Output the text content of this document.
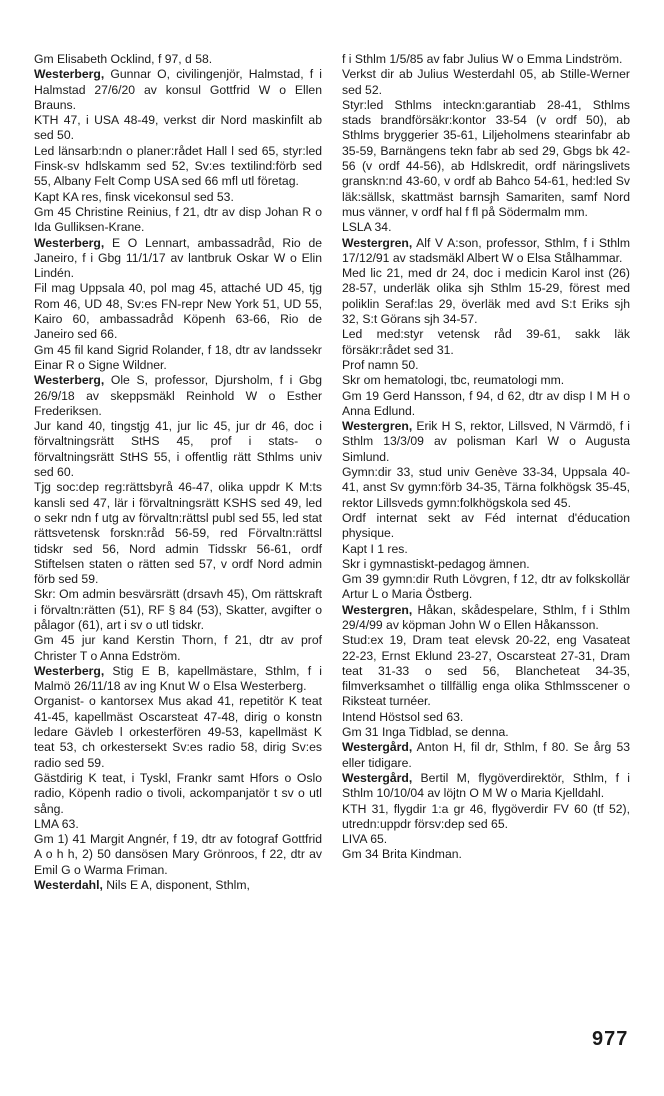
Gm Elisabeth Ocklind, f 97, d 58.

Westerberg, Gunnar O, civilingenjör, Halmstad, f i Halmstad 27/6/20 av konsul Gottfrid W o Ellen Brauns.

KTH 47, i USA 48-49, verkst dir Nord maskinfilt ab sed 50.

Led länsarb:ndn o planer:rådet Hall l sed 65, styr:led Finsk-sv hdlskamm sed 52, Sv:es textilind:förb sed 55, Albany Felt Comp USA sed 66 mfl utl företag.

Kapt KA res, finsk vicekonsul sed 53.

Gm 45 Christine Reinius, f 21, dtr av disp Johan R o Ida Gulliksen-Krane.

Westerberg, E O Lennart, ambassadråd, Rio de Janeiro, f i Gbg 11/1/17 av lantbruk Oskar W o Elin Lindén.

Fil mag Uppsala 40, pol mag 45, attaché UD 45, tjg Rom 46, UD 48, Sv:es FN-repr New York 51, UD 55, Kairo 60, ambassadråd Köpenh 63-66, Rio de Janeiro sed 66.

Gm 45 fil kand Sigrid Rolander, f 18, dtr av landssekr Einar R o Signe Wildner.

Westerberg, Ole S, professor, Djursholm, f i Gbg 26/9/18 av skeppsmäkl Reinhold W o Esther Frederiksen.

Jur kand 40, tingstjg 41, jur lic 45, jur dr 46, doc i förvaltningsrätt StHS 45, prof i stats- o förvaltningsrätt StHS 55, i offentlig rätt Sthlms univ sed 60.

Tjg soc:dep reg:rättsbyrå 46-47, olika uppdr K M:ts kansli sed 47, lär i förvaltningsrätt KSHS sed 49, led o sekr ndn f utg av förvaltn:rättsl publ sed 55, led stat rättsvetensk forskn:råd 56-59, red Förvaltn:rättsl tidskr sed 56, Nord admin Tidsskr 56-61, ordf Stiftelsen staten o rätten sed 57, v ordf Nord admin förb sed 59.

Skr: Om admin besvärsrätt (drsavh 45), Om rättskraft i förvaltn:rätten (51), RF § 84 (53), Skatter, avgifter o pålagor (61), art i sv o utl tidskr.

Gm 45 jur kand Kerstin Thorn, f 21, dtr av prof Christer T o Anna Edström.

Westerberg, Stig E B, kapellmästare, Sthlm, f i Malmö 26/11/18 av ing Knut W o Elsa Westerberg.

Organist- o kantorsex Mus akad 41, repetitör K teat 41-45, kapellmäst Oscarsteat 47-48, dirig o konstn ledare Gävleb l orkesterfören 49-53, kapellmäst K teat 53, ch orkestersekt Sv:es radio 58, dirig Sv:es radio sed 59.

Gästdirig K teat, i Tyskl, Frankr samt Hfors o Oslo radio, Köpenh radio o tivoli, ackompanjatör t sv o utl sång.

LMA 63.

Gm 1) 41 Margit Angnér, f 19, dtr av fotograf Gottfrid A o h h, 2) 50 dansösen Mary Grönroos, f 22, dtr av Emil G o Warma Friman.

Westerdahl, Nils E A, disponent, Sthlm,

f i Sthlm 1/5/85 av fabr Julius W o Emma Lindström.

Verkst dir ab Julius Westerdahl 05, ab Stille-Werner sed 52.

Styr:led Sthlms inteckn:garantiab 28-41, Sthlms stads brandförsäkr:kontor 33-54 (v ordf 50), ab Sthlms bryggerier 35-61, Liljeholmens stearinfabr ab 35-59, Barnängens tekn fabr ab sed 29, Gbgs bk 42-56 (v ordf 44-56), ab Hdlskredit, ordf näringslivets granskn:nd 43-60, v ordf ab Bahco 54-61, hed:led Sv läk:sällsk, skattmäst barnsjh Samariten, samf Nord mus vänner, v ordf hal f fl på Södermalm mm.

LSLA 34.

Westergren, Alf V A:son, professor, Sthlm, f i Sthlm 17/12/91 av stadsmäkl Albert W o Elsa Stålhammar.

Med lic 21, med dr 24, doc i medicin Karol inst (26) 28-57, underläk olika sjh Sthlm 15-29, förest med poliklin Seraf:las 29, överläk med avd S:t Eriks sjh 32, S:t Görans sjh 34-57.

Led med:styr vetensk råd 39-61, sakk läk försäkr:rådet sed 31.

Prof namn 50.

Skr om hematologi, tbc, reumatologi mm.

Gm 19 Gerd Hansson, f 94, d 62, dtr av disp I M H o Anna Edlund.

Westergren, Erik H S, rektor, Lillsved, N Värmdö, f i Sthlm 13/3/09 av polisman Karl W o Augusta Simlund.

Gymn:dir 33, stud univ Genève 33-34, Uppsala 40-41, anst Sv gymn:förb 34-35, Tärna folkhögsk 35-45, rektor Lillsveds gymn:folkhögskola sed 45.

Ordf internat sekt av Féd internat d'éducation physique.

Kapt I 1 res.

Skr i gymnastiskt-pedagog ämnen.

Gm 39 gymn:dir Ruth Lövgren, f 12, dtr av folkskollär Artur L o Maria Östberg.

Westergren, Håkan, skådespelare, Sthlm, f i Sthlm 29/4/99 av köpman John W o Ellen Håkansson.

Stud:ex 19, Dram teat elevsk 20-22, eng Vasateat 22-23, Ernst Eklund 23-27, Oscarsteat 27-31, Dram teat 31-33 o sed 56, Blancheteat 34-35, filmverksamhet o tillfällig enga olika Sthlmsscener o Riksteat turnéer.

Intend Höstsol sed 63.

Gm 31 Inga Tidblad, se denna.

Westergård, Anton H, fil dr, Sthlm, f 80. Se årg 53 eller tidigare.

Westergård, Bertil M, flygöverdirektör, Sthlm, f i Sthlm 10/10/04 av löjtn O M W o Maria Kjelldahl.

KTH 31, flygdir 1:a gr 46, flygöverdir FV 60 (tf 52), utredn:uppdr försv:dep sed 65.

LIVA 65.

Gm 34 Brita Kindman.

977
